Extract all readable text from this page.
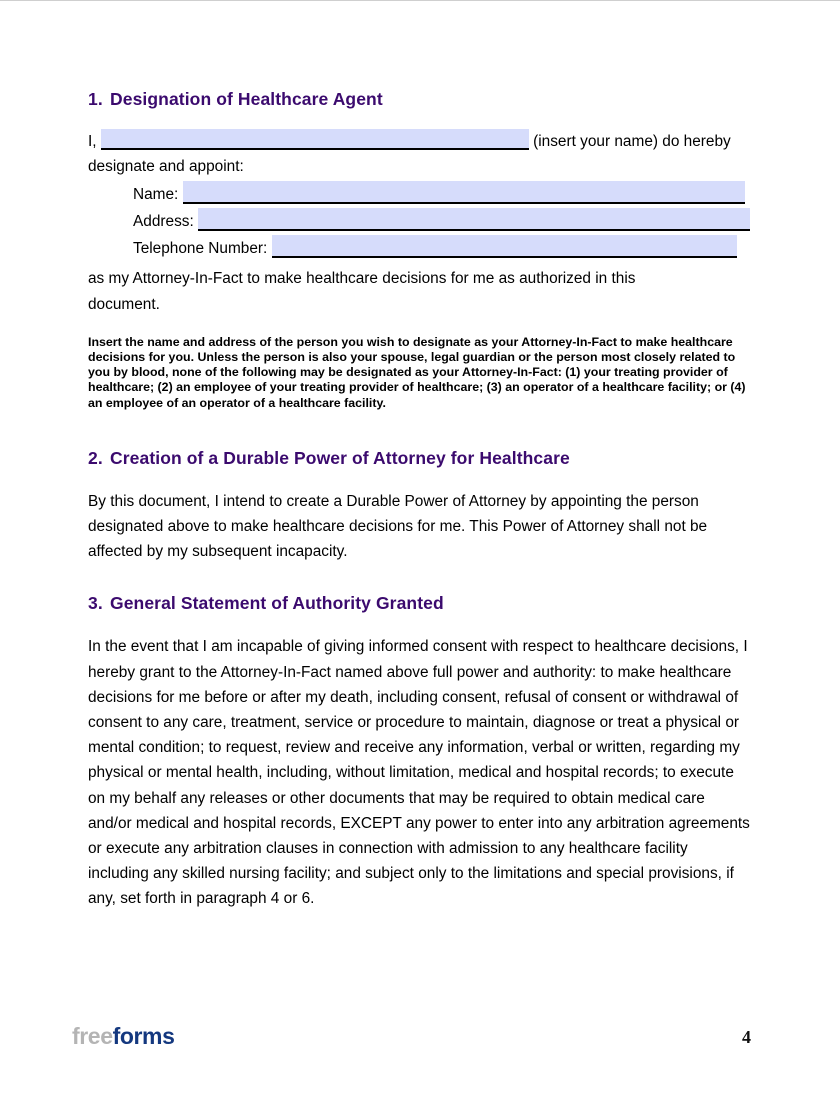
1. Designation of Healthcare Agent
I,	(insert your name) do hereby
designate and appoint:
Name:
Address:
Telephone Number:
as my Attorney-In-Fact to make healthcare decisions for me as authorized in this
document.
Insert the name and address of the person you wish to designate as your Attorney-In-Fact to make healthcare decisions for you. Unless the person is also your spouse, legal guardian or the person most closely related to you by blood, none of the following may be designated as your Attorney-In-Fact: (1) your treating provider of healthcare; (2) an employee of your treating provider of healthcare; (3) an operator of a healthcare facility; or (4) an employee of an operator of a healthcare facility.
2. Creation of a Durable Power of Attorney for Healthcare
By this document, I intend to create a Durable Power of Attorney by appointing the person designated above to make healthcare decisions for me. This Power of Attorney shall not be affected by my subsequent incapacity.
3. General Statement of Authority Granted
In the event that I am incapable of giving informed consent with respect to healthcare decisions, I hereby grant to the Attorney-In-Fact named above full power and authority: to make healthcare decisions for me before or after my death, including consent, refusal of consent or withdrawal of consent to any care, treatment, service or procedure to maintain, diagnose or treat a physical or mental condition; to request, review and receive any information, verbal or written, regarding my physical or mental health, including, without limitation, medical and hospital records; to execute on my behalf any releases or other documents that may be required to obtain medical care and/or medical and hospital records, EXCEPT any power to enter into any arbitration agreements or execute any arbitration clauses in connection with admission to any healthcare facility including any skilled nursing facility; and subject only to the limitations and special provisions, if any, set forth in paragraph 4 or 6.
freeforms	4
